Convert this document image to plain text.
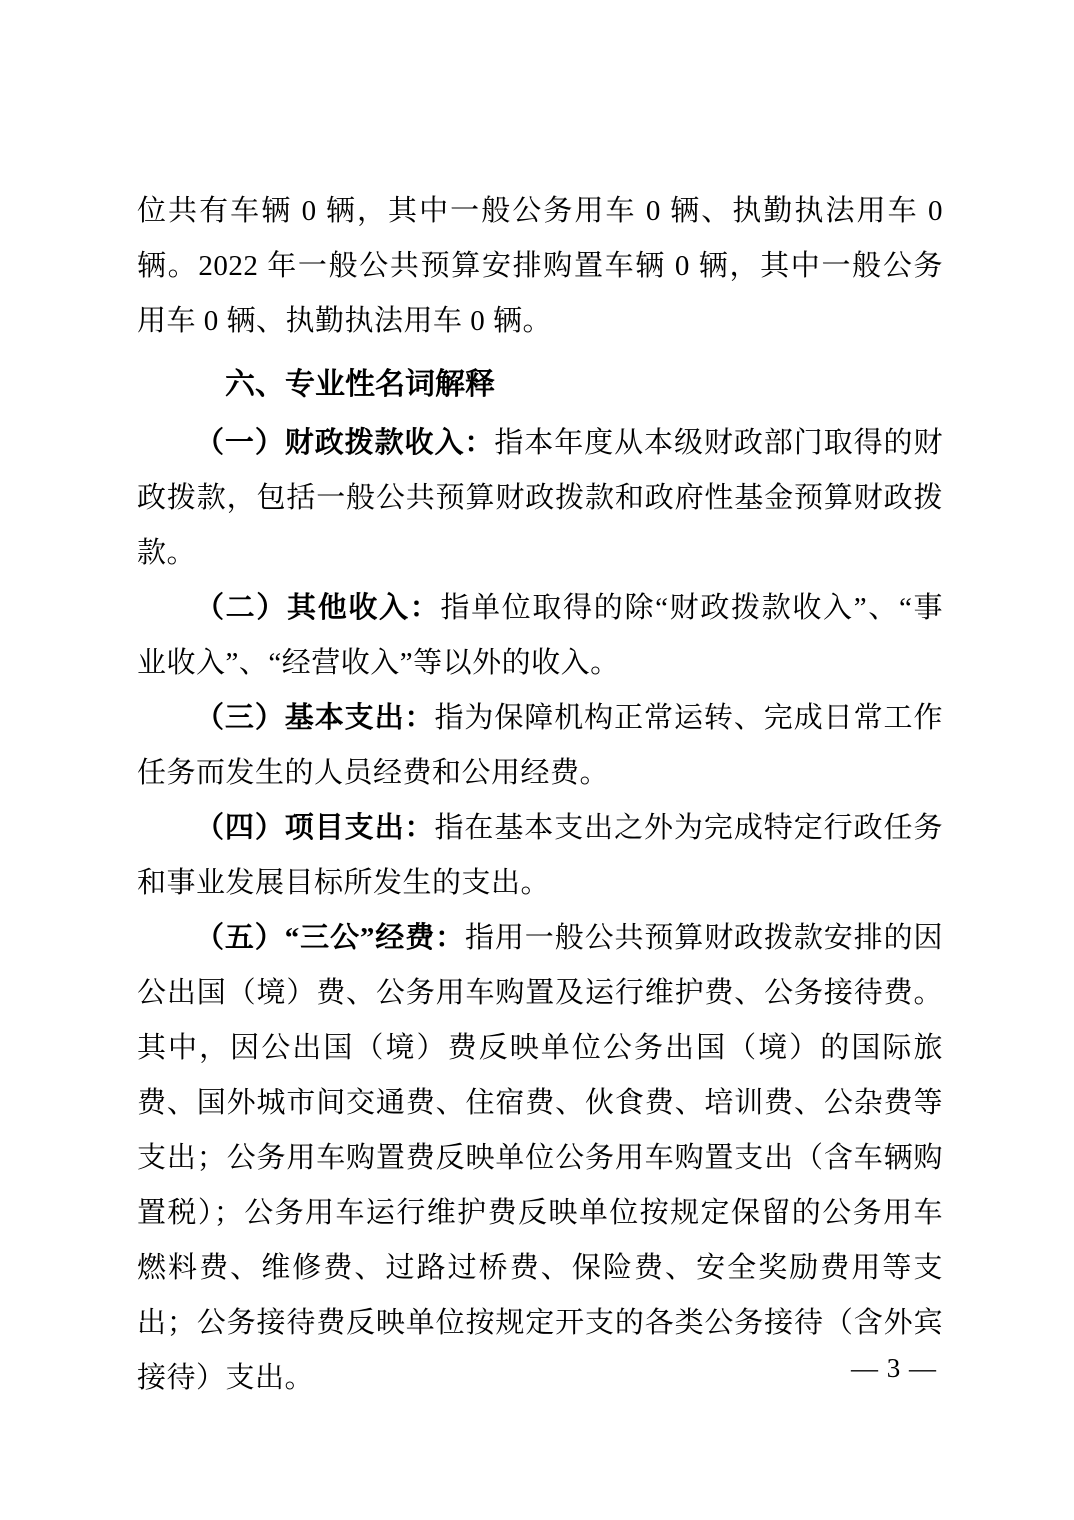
位共有车辆 0 辆，其中一般公务用车 0 辆、执勤执法用车 0 辆。2022 年一般公共预算安排购置车辆 0 辆，其中一般公务用车 0 辆、执勤执法用车 0 辆。

六、专业性名词解释

（一）财政拨款收入：指本年度从本级财政部门取得的财政拨款，包括一般公共预算财政拨款和政府性基金预算财政拨款。

（二）其他收入：指单位取得的除“财政拨款收入”、“事业收入”、“经营收入”等以外的收入。

（三）基本支出：指为保障机构正常运转、完成日常工作任务而发生的人员经费和公用经费。

（四）项目支出：指在基本支出之外为完成特定行政任务和事业发展目标所发生的支出。

（五）“三公”经费：指用一般公共预算财政拨款安排的因公出国（境）费、公务用车购置及运行维护费、公务接待费。其中，因公出国（境）费反映单位公务出国（境）的国际旅费、国外城市间交通费、住宿费、伙食费、培训费、公杂费等支出；公务用车购置费反映单位公务用车购置支出（含车辆购置税）；公务用车运行维护费反映单位按规定保留的公务用车燃料费、维修费、过路过桥费、保险费、安全奖励费用等支出；公务接待费反映单位按规定开支的各类公务接待（含外宾接待）支出。	— 3 —
